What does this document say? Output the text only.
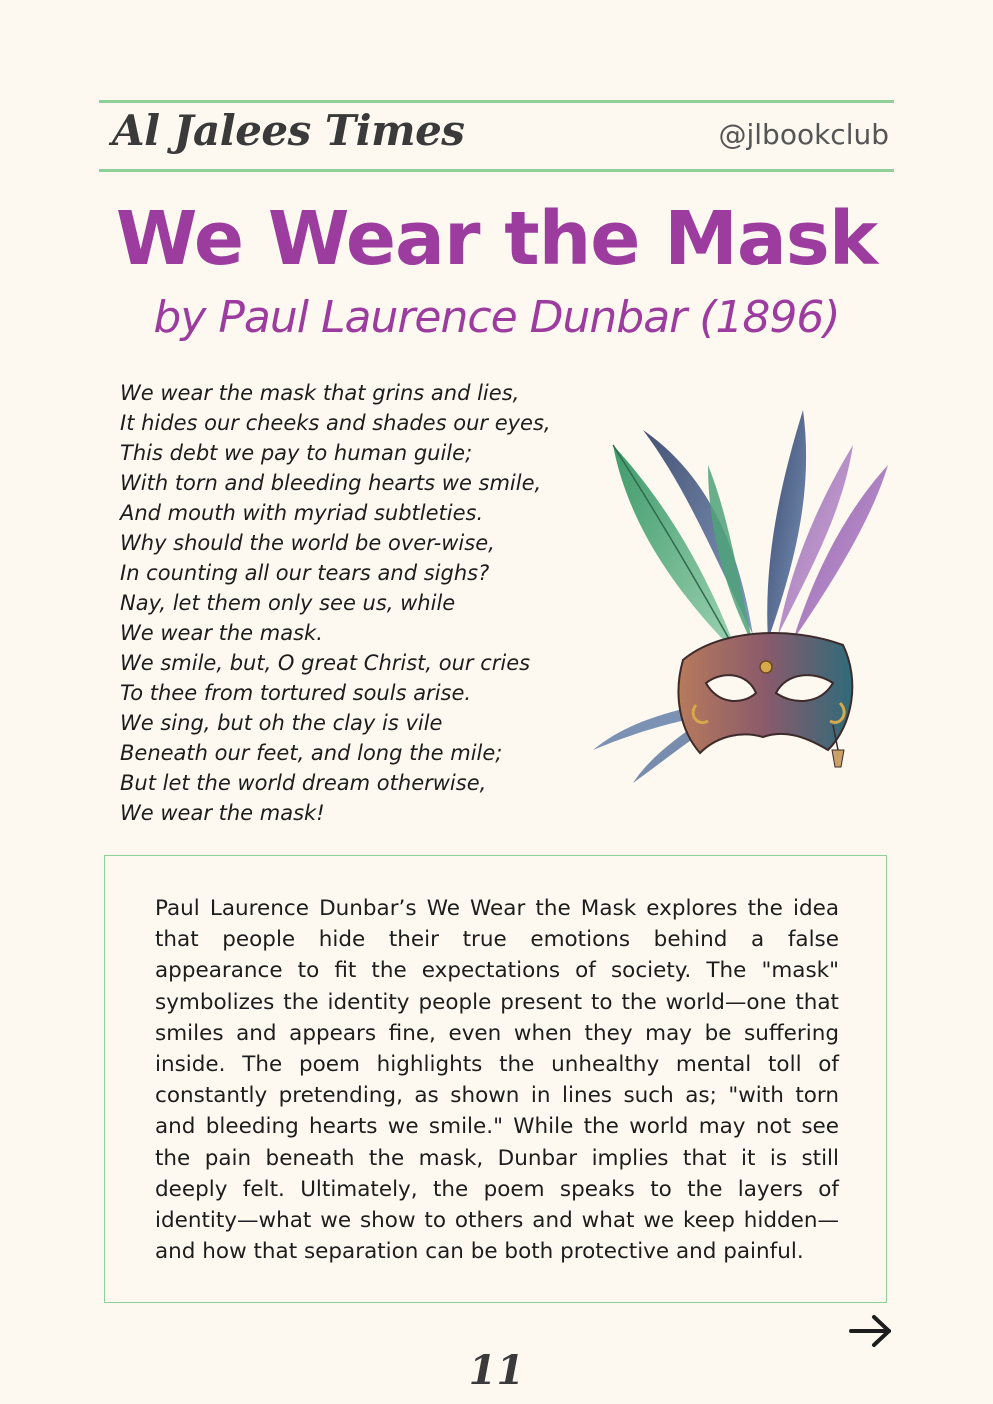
Al Jalees Times	@jlbookclub
We Wear the Mask
by Paul Laurence Dunbar (1896)
We wear the mask that grins and lies,
It hides our cheeks and shades our eyes,
This debt we pay to human guile;
With torn and bleeding hearts we smile,
And mouth with myriad subtleties.
Why should the world be over-wise,
In counting all our tears and sighs?
Nay, let them only see us, while
We wear the mask.
We smile, but, O great Christ, our cries
To thee from tortured souls arise.
We sing, but oh the clay is vile
Beneath our feet, and long the mile;
But let the world dream otherwise,
We wear the mask!

Paul Laurence Dunbar’s We Wear the Mask explores the idea that people hide their true emotions behind a false appearance to fit the expectations of society. The "mask" symbolizes the identity people present to the world—one that smiles and appears fine, even when they may be suffering inside. The poem highlights the unhealthy mental toll of constantly pretending, as shown in lines such as; "with torn and bleeding hearts we smile." While the world may not see the pain beneath the mask, Dunbar implies that it is still deeply felt. Ultimately, the poem speaks to the layers of identity—what we show to others and what we keep hidden—and how that separation can be both protective and painful.

11
